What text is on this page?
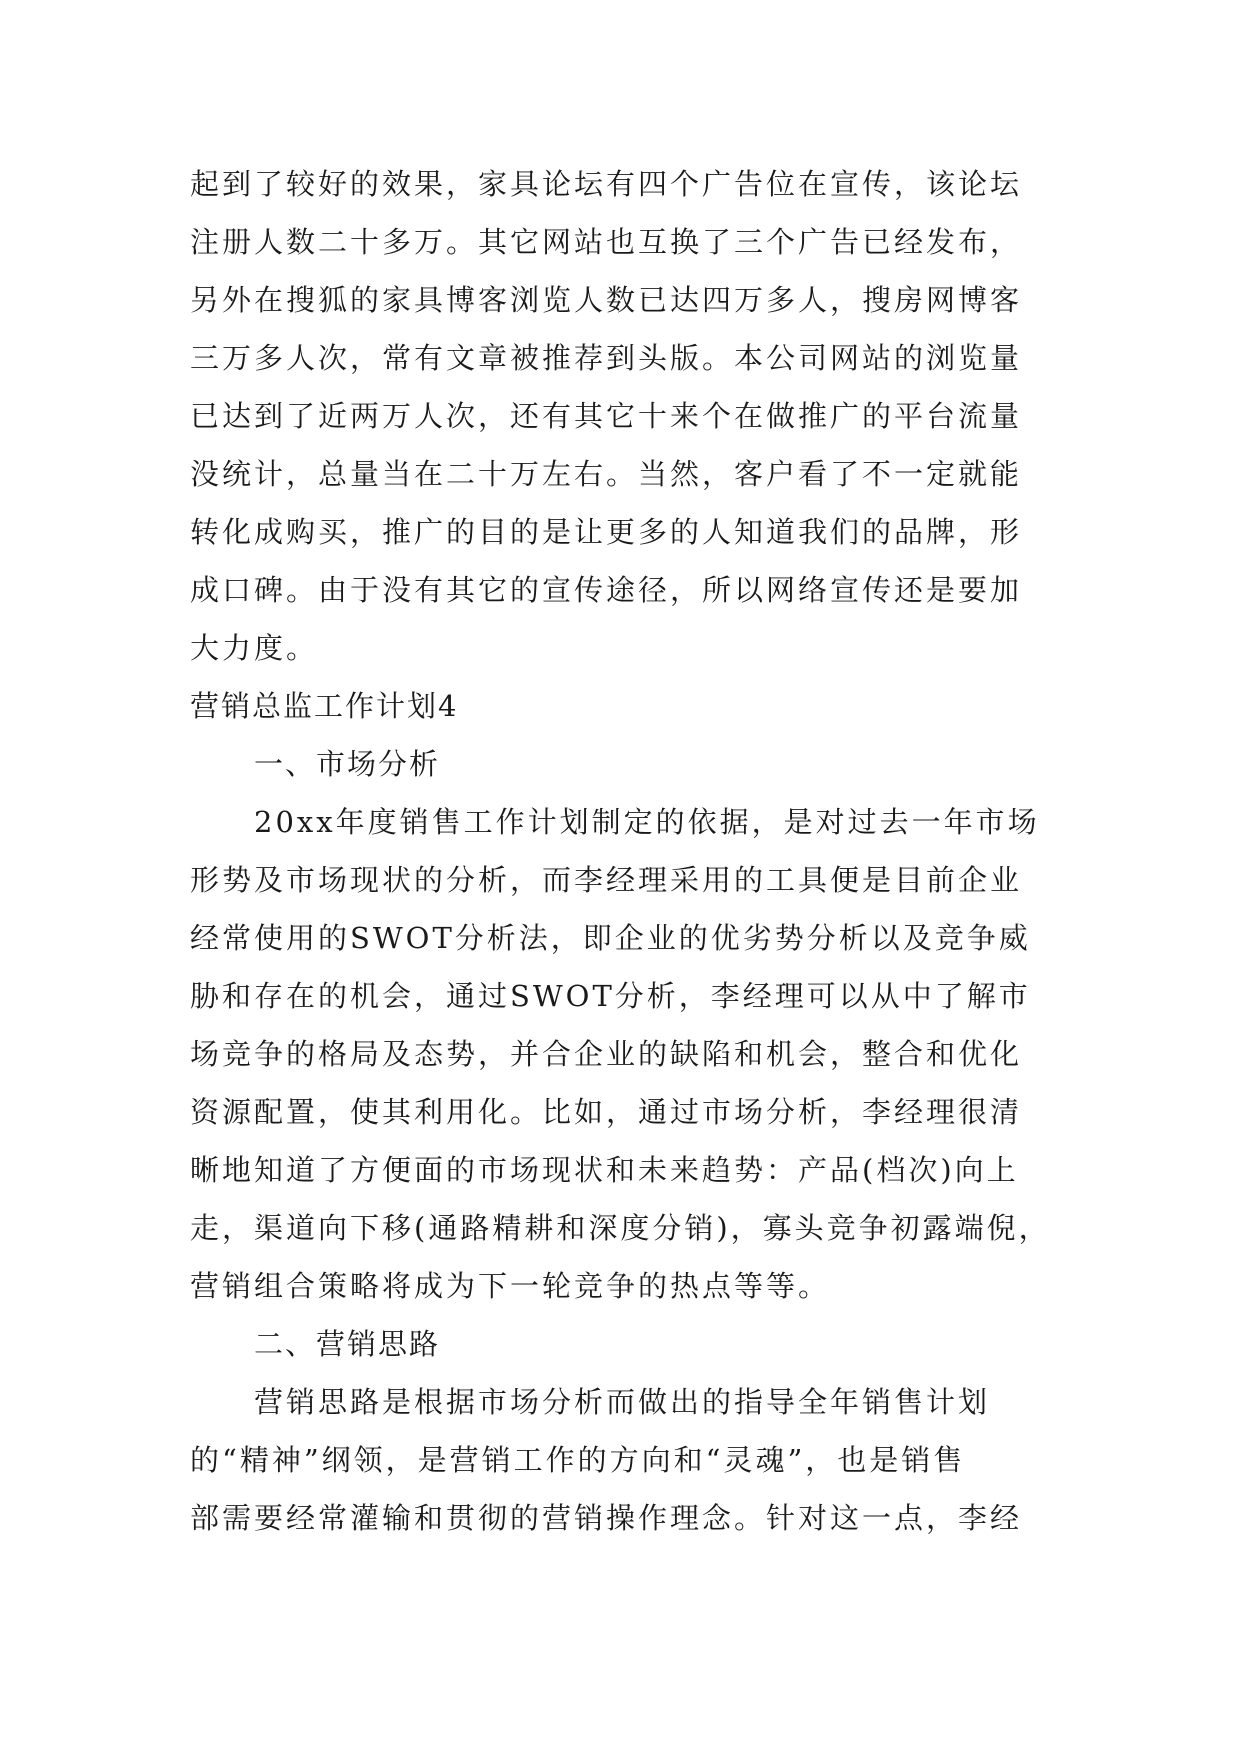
起到了较好的效果，家具论坛有四个广告位在宣传，该论坛
注册人数二十多万。其它网站也互换了三个广告已经发布，
另外在搜狐的家具博客浏览人数已达四万多人，搜房网博客
三万多人次，常有文章被推荐到头版。本公司网站的浏览量
已达到了近两万人次，还有其它十来个在做推广的平台流量
没统计，总量当在二十万左右。当然，客户看了不一定就能
转化成购买，推广的目的是让更多的人知道我们的品牌，形
成口碑。由于没有其它的宣传途径，所以网络宣传还是要加
大力度。
营销总监工作计划4
一、市场分析
20xx年度销售工作计划制定的依据，是对过去一年市场
形势及市场现状的分析，而李经理采用的工具便是目前企业
经常使用的SWOT分析法，即企业的优劣势分析以及竞争威
胁和存在的机会，通过SWOT分析，李经理可以从中了解市
场竞争的格局及态势，并合企业的缺陷和机会，整合和优化
资源配置，使其利用化。比如，通过市场分析，李经理很清
晰地知道了方便面的市场现状和未来趋势：产品(档次)向上
走，渠道向下移(通路精耕和深度分销)，寡头竞争初露端倪，
营销组合策略将成为下一轮竞争的热点等等。
二、营销思路
营销思路是根据市场分析而做出的指导全年销售计划
的“精神”纲领，是营销工作的方向和“灵魂”，也是销售
部需要经常灌输和贯彻的营销操作理念。针对这一点，李经
